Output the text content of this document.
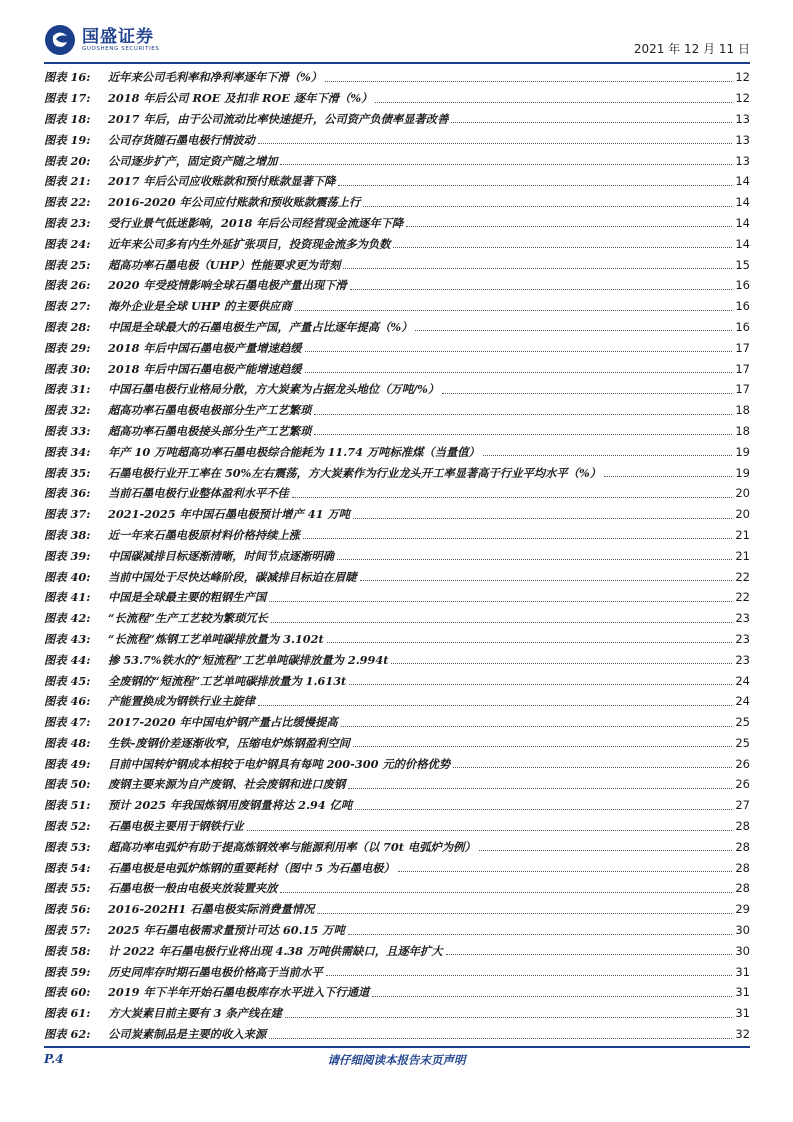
国盛证券
GUOSHENG SECURITIES	2021 年 12 月 11 日
图表 16:	近年来公司毛利率和净利率逐年下滑（%）	12
图表 17:	2018 年后公司 ROE 及扣非 ROE 逐年下滑（%）	12
图表 18:	2017 年后，由于公司流动比率快速提升，公司资产负债率显著改善	13
图表 19:	公司存货随石墨电极行情波动	13
图表 20:	公司逐步扩产，固定资产随之增加	13
图表 21:	2017 年后公司应收账款和预付账款显著下降	14
图表 22:	2016-2020 年公司应付账款和预收账款震荡上行	14
图表 23:	受行业景气低迷影响，2018 年后公司经营现金流逐年下降	14
图表 24:	近年来公司多有内生外延扩张项目，投资现金流多为负数	14
图表 25:	超高功率石墨电极（UHP）性能要求更为苛刻	15
图表 26:	2020 年受疫情影响全球石墨电极产量出现下滑	16
图表 27:	海外企业是全球 UHP 的主要供应商	16
图表 28:	中国是全球最大的石墨电极生产国，产量占比逐年提高（%）	16
图表 29:	2018 年后中国石墨电极产量增速趋缓	17
图表 30:	2018 年后中国石墨电极产能增速趋缓	17
图表 31:	中国石墨电极行业格局分散，方大炭素为占据龙头地位（万吨/%）	17
图表 32:	超高功率石墨电极电极部分生产工艺繁琐	18
图表 33:	超高功率石墨电极接头部分生产工艺繁琐	18
图表 34:	年产 10 万吨超高功率石墨电极综合能耗为 11.74 万吨标准煤（当量值）	19
图表 35:	石墨电极行业开工率在 50%左右震荡，方大炭素作为行业龙头开工率显著高于行业平均水平（%）	19
图表 36:	当前石墨电极行业整体盈利水平不佳	20
图表 37:	2021-2025 年中国石墨电极预计增产 41 万吨	20
图表 38:	近一年来石墨电极原材料价格持续上涨	21
图表 39:	中国碳减排目标逐渐清晰，时间节点逐渐明确	21
图表 40:	当前中国处于尽快达峰阶段，碳减排目标迫在眉睫	22
图表 41:	中国是全球最主要的粗钢生产国	22
图表 42:	“长流程”生产工艺较为繁琐冗长	23
图表 43:	“长流程”炼钢工艺单吨碳排放量为 3.102t	23
图表 44:	掺 53.7%铁水的“短流程”工艺单吨碳排放量为 2.994t	23
图表 45:	全废钢的“短流程”工艺单吨碳排放量为 1.613t	24
图表 46:	产能置换成为钢铁行业主旋律	24
图表 47:	2017-2020 年中国电炉钢产量占比缓慢提高	25
图表 48:	生铁-废钢价差逐渐收窄，压缩电炉炼钢盈利空间	25
图表 49:	目前中国转炉钢成本相较于电炉钢具有每吨 200-300 元的价格优势	26
图表 50:	废钢主要来源为自产废钢、社会废钢和进口废钢	26
图表 51:	预计 2025 年我国炼钢用废钢量将达 2.94 亿吨	27
图表 52:	石墨电极主要用于钢铁行业	28
图表 53:	超高功率电弧炉有助于提高炼钢效率与能源利用率（以 70t 电弧炉为例）	28
图表 54:	石墨电极是电弧炉炼钢的重要耗材（图中 5 为石墨电极）	28
图表 55:	石墨电极一般由电极夹放装置夹放	28
图表 56:	2016-202H1 石墨电极实际消费量情况	29
图表 57:	2025 年石墨电极需求量预计可达 60.15 万吨	30
图表 58:	计 2022 年石墨电极行业将出现 4.38 万吨供需缺口，且逐年扩大	30
图表 59:	历史同库存时期石墨电极价格高于当前水平	31
图表 60:	2019 年下半年开始石墨电极库存水平进入下行通道	31
图表 61:	方大炭素目前主要有 3 条产线在建	31
图表 62:	公司炭素制品是主要的收入来源	32
P.4	请仔细阅读本报告末页声明
